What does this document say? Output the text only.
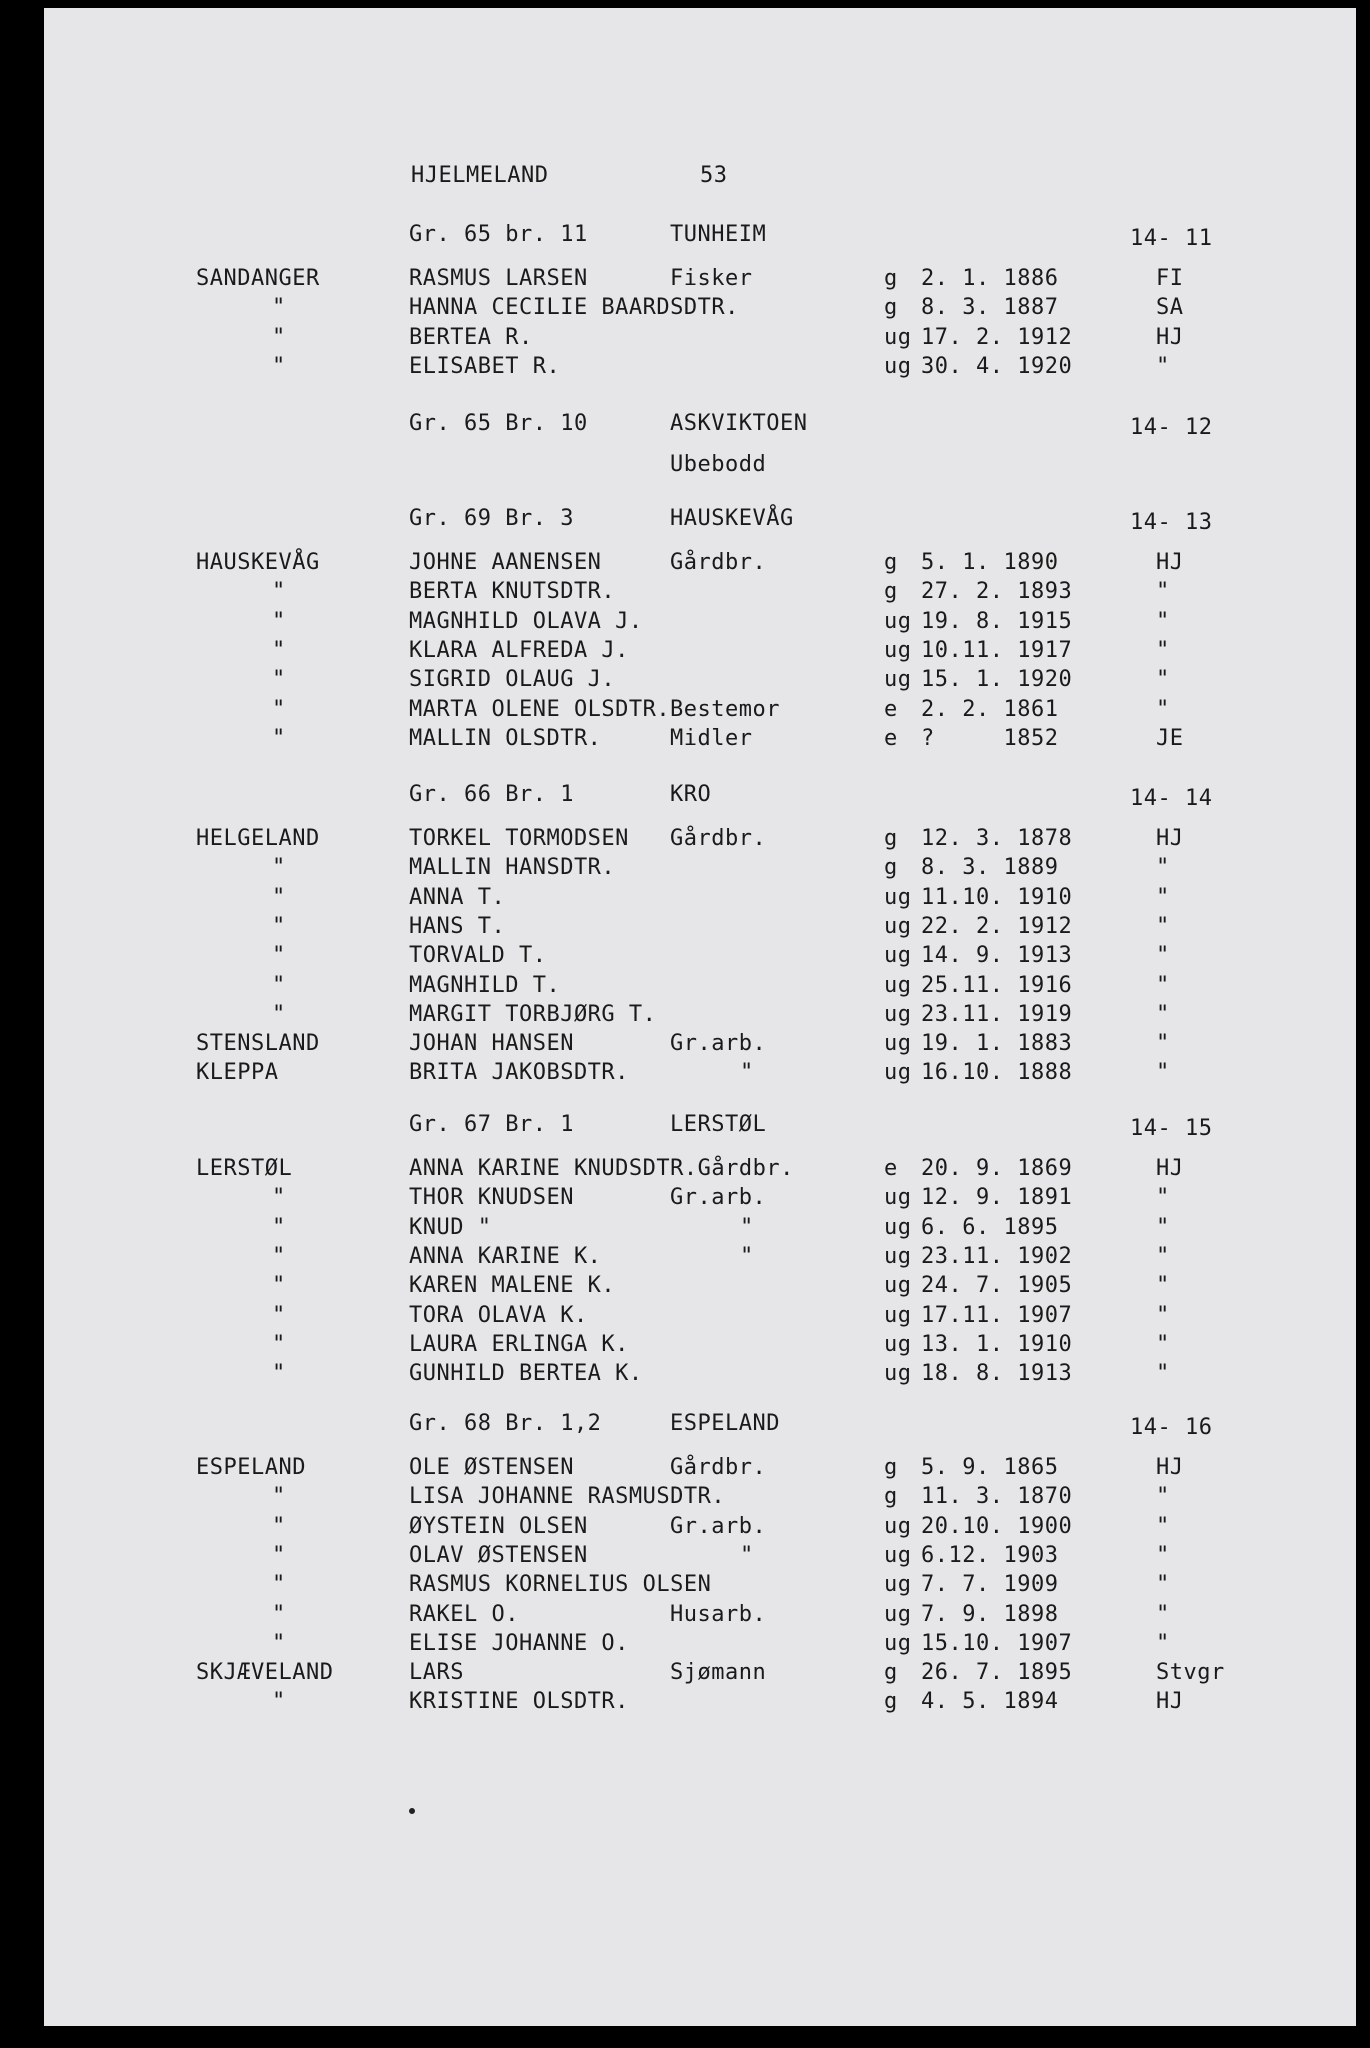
HJELMELAND	53
Gr. 65 br. 11	TUNHEIM	14- 11
SANDANGER	RASMUS LARSEN	Fisker	g 2. 1. 1886	FI
"	HANNA CECILIE BAARDSDTR.	g 8. 3. 1887	SA
"	BERTEA R.	ug 17. 2. 1912	HJ
"	ELISABET R.	ug 30. 4. 1920	"
Gr. 65 Br. 10	ASKVIKTOEN	14- 12
Ubebodd
Gr. 69 Br. 3	HAUSKEVÅG	14- 13
HAUSKEVÅG	JOHNE AANENSEN	Gårdbr.	g 5. 1. 1890	HJ
"	BERTA KNUTSDTR.	g 27. 2. 1893	"
"	MAGNHILD OLAVA J.	ug 19. 8. 1915	"
"	KLARA ALFREDA J.	ug 10.11. 1917	"
"	SIGRID OLAUG J.	ug 15. 1. 1920	"
"	MARTA OLENE OLSDTR. Bestemor	e 2. 2. 1861	"
"	MALLIN OLSDTR.	Midler	e ?     1852	JE
Gr. 66 Br. 1	KRO	14- 14
HELGELAND	TORKEL TORMODSEN Gårdbr.	g 12. 3. 1878	HJ
"	MALLIN HANSDTR.	g 8. 3. 1889	"
"	ANNA T.	ug 11.10. 1910	"
"	HANS T.	ug 22. 2. 1912	"
"	TORVALD T.	ug 14. 9. 1913	"
"	MAGNHILD T.	ug 25.11. 1916	"
"	MARGIT TORBJØRG T.	ug 23.11. 1919	"
STENSLAND	JOHAN HANSEN	Gr.arb.	ug 19. 1. 1883	"
KLEPPA	BRITA JAKOBSDTR.	"	ug 16.10. 1888	"
Gr. 67 Br. 1	LERSTØL	14- 15
LERSTØL	ANNA KARINE KNUDSDTR.Gårdbr.	e 20. 9. 1869	HJ
"	THOR KNUDSEN	Gr.arb.	ug 12. 9. 1891	"
"	KNUD "	"	ug 6. 6. 1895	"
"	ANNA KARINE K.	"	ug 23.11. 1902	"
"	KAREN MALENE K.	ug 24. 7. 1905	"
"	TORA OLAVA K.	ug 17.11. 1907	"
"	LAURA ERLINGA K.	ug 13. 1. 1910	"
"	GUNHILD BERTEA K.	ug 18. 8. 1913	"
Gr. 68 Br. 1,2	ESPELAND	14- 16
ESPELAND	OLE ØSTENSEN	Gårdbr.	g 5. 9. 1865	HJ
"	LISA JOHANNE RASMUSDTR.	g 11. 3. 1870	"
"	ØYSTEIN OLSEN	Gr.arb.	ug 20.10. 1900	"
"	OLAV ØSTENSEN	"	ug 6.12. 1903	"
"	RASMUS KORNELIUS OLSEN	ug 7. 7. 1909	"
"	RAKEL O.	Husarb.	ug 7. 9. 1898	"
"	ELISE JOHANNE O.	ug 15.10. 1907	"
SKJÆVELAND	LARS	Sjømann	g 26. 7. 1895	Stvgr
"	KRISTINE OLSDTR.	g 4. 5. 1894	HJ
